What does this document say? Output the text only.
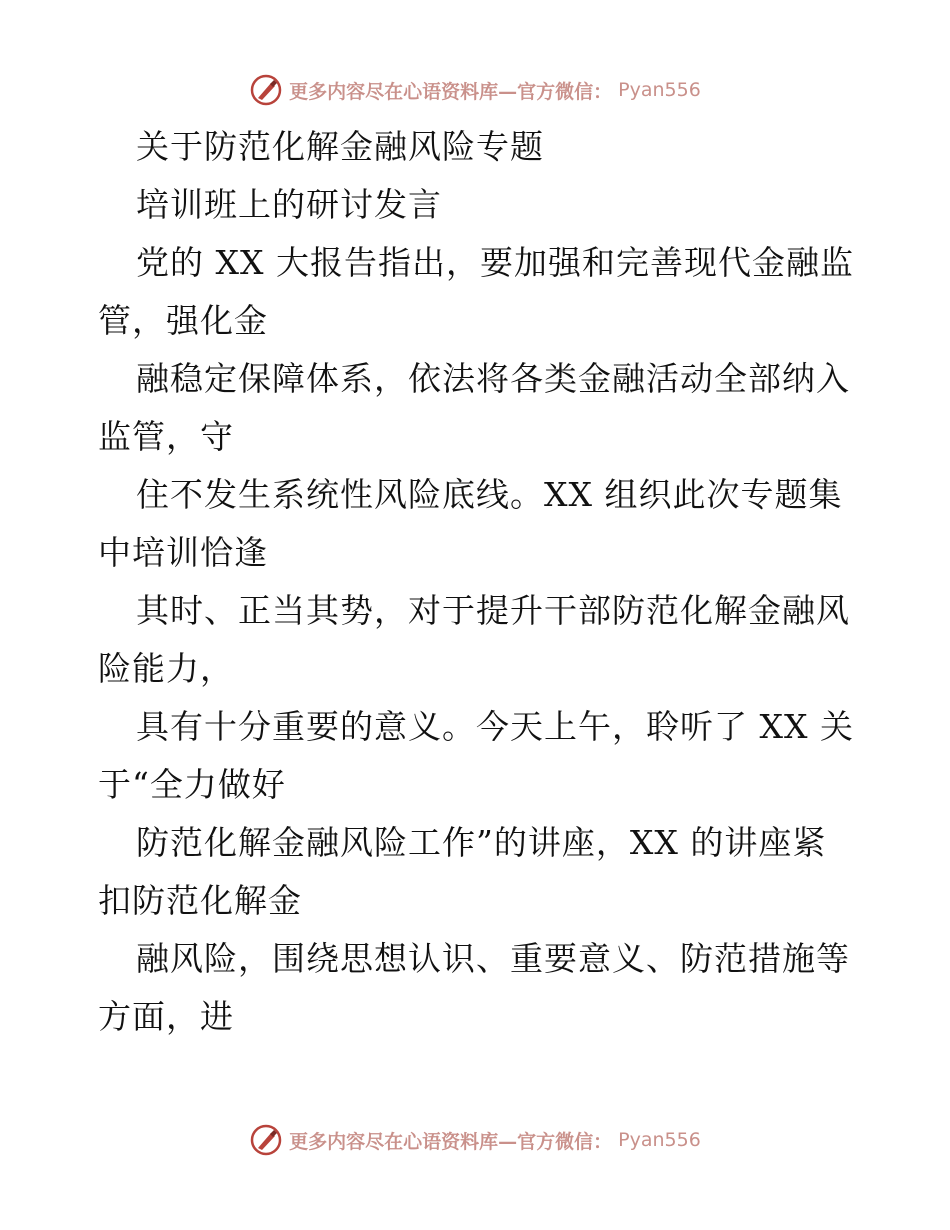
更多内容尽在心语资料库—官方微信： Pyan556
关于防范化解金融风险专题
培训班上的研讨发言
党的 XX 大报告指出，要加强和完善现代金融监
管，强化金
融稳定保障体系，依法将各类金融活动全部纳入
监管，守
住不发生系统性风险底线。XX 组织此次专题集
中培训恰逢
其时、正当其势，对于提升干部防范化解金融风
险能力，
具有十分重要的意义。今天上午，聆听了 XX 关
于“全力做好
防范化解金融风险工作”的讲座，XX 的讲座紧
扣防范化解金
融风险，围绕思想认识、重要意义、防范措施等
方面，进
更多内容尽在心语资料库—官方微信： Pyan556
